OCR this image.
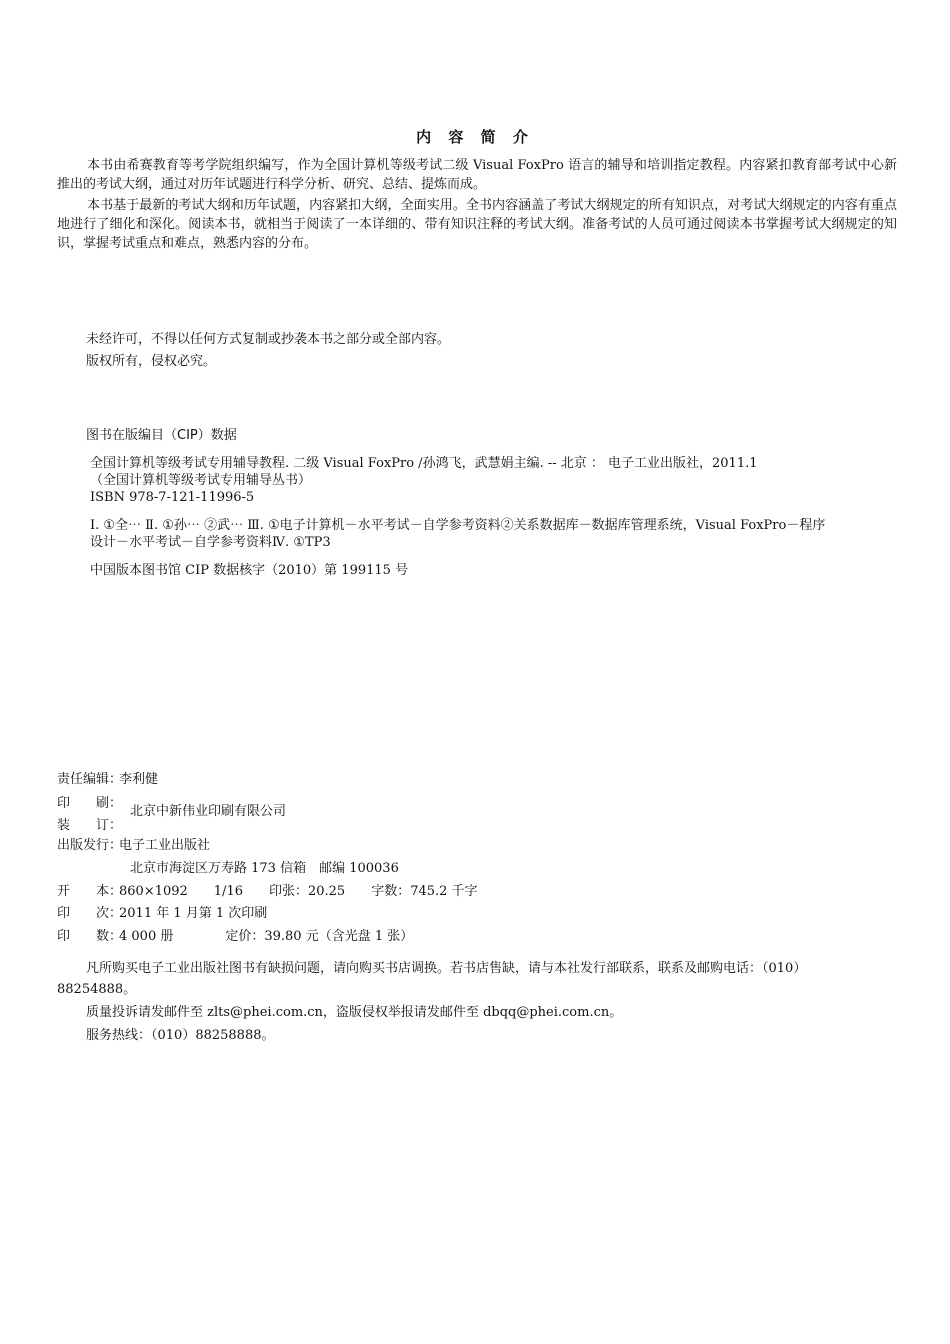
内 容 简 介
本书由希赛教育等考学院组织编写，作为全国计算机等级考试二级 Visual FoxPro 语言的辅导和培训指定教程。内容紧扣教育部考试中心新推出的考试大纲，通过对历年试题进行科学分析、研究、总结、提炼而成。
本书基于最新的考试大纲和历年试题，内容紧扣大纲，全面实用。全书内容涵盖了考试大纲规定的所有知识点，对考试大纲规定的内容有重点地进行了细化和深化。阅读本书，就相当于阅读了一本详细的、带有知识注释的考试大纲。准备考试的人员可通过阅读本书掌握考试大纲规定的知识，掌握考试重点和难点，熟悉内容的分布。
未经许可，不得以任何方式复制或抄袭本书之部分或全部内容。
版权所有，侵权必究。
图书在版编目（CIP）数据
全国计算机等级考试专用辅导教程. 二级 Visual FoxPro /孙鸿飞，武慧娟主编. -- 北京 ： 电子工业出版社，2011.1
（全国计算机等级考试专用辅导丛书）
ISBN 978-7-121-11996-5
Ⅰ. ①全⋯ Ⅱ. ①孙⋯ ②武⋯ Ⅲ. ①电子计算机－水平考试－自学参考资料②关系数据库－数据库管理系统，Visual FoxPro－程序
设计－水平考试－自学参考资料Ⅳ. ①TP3
中国版本图书馆 CIP 数据核字（2010）第 199115 号
责任编辑：李利健
印　　刷：
装　　订：
北京中新伟业印刷有限公司
出版发行：电子工业出版社
北京市海淀区万寿路 173 信箱　邮编 100036
开　　本：860×1092　　1/16　　印张：20.25　　字数：745.2 千字
印　　次：2011 年 1 月第 1 次印刷
印　　数：4 000 册　　　　定价：39.80 元（含光盘 1 张）
凡所购买电子工业出版社图书有缺损问题，请向购买书店调换。若书店售缺，请与本社发行部联系，联系及邮购电话：（010）
88254888。
质量投诉请发邮件至 zlts@phei.com.cn，盗版侵权举报请发邮件至 dbqq@phei.com.cn。
服务热线：（010）88258888。
